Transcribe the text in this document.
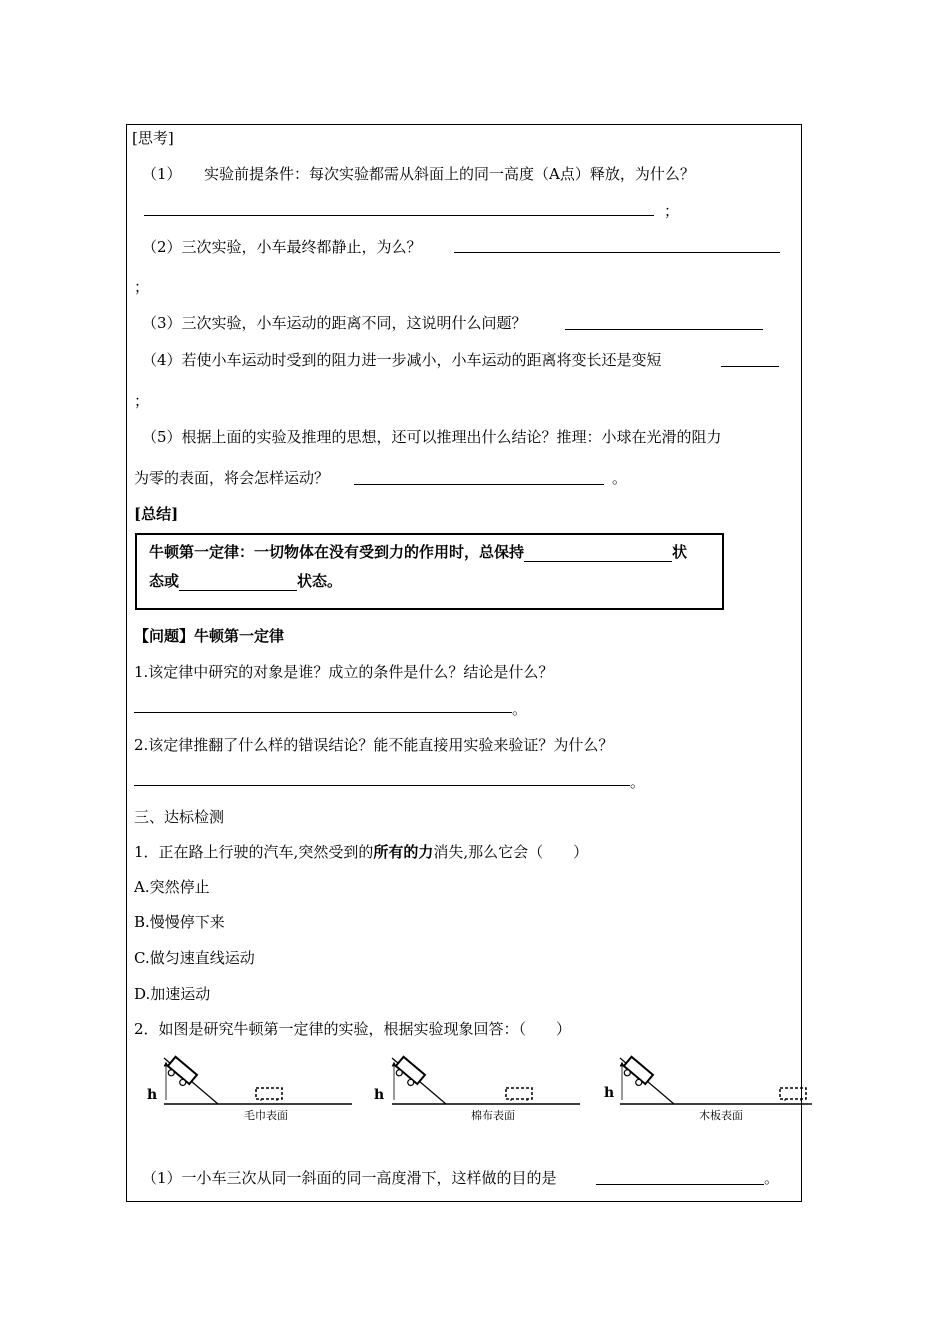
[思考]
（1）　　实验前提条件：每次实验都需从斜面上的同一高度（A点）释放，为什么？
；
（2）三次实验，小车最终都静止，为么？
；
（3）三次实验，小车运动的距离不同，这说明什么问题？
（4）若使小车运动时受到的阻力进一步减小，小车运动的距离将变长还是变短
；
（5）根据上面的实验及推理的思想，还可以推理出什么结论？推理：小球在光滑的阻力
为零的表面，将会怎样运动？	。
[总结]
牛顿第一定律：一切物体在没有受到力的作用时，总保持	状
态或	状态。
【问题】牛顿第一定律
1.该定律中研究的对象是谁？成立的条件是什么？结论是什么？
。
2.该定律推翻了什么样的错误结论？能不能直接用实验来验证？为什么？
。
三、达标检测
1．正在路上行驶的汽车,突然受到的所有的力消失,那么它会（　　）
A.突然停止
B.慢慢停下来
C.做匀速直线运动
D.加速运动
2．如图是研究牛顿第一定律的实验，根据实验现象回答：（　　）
h	h	h
毛巾表面	棉布表面	木板表面
（1）一小车三次从同一斜面的同一高度滑下，这样做的目的是	。
